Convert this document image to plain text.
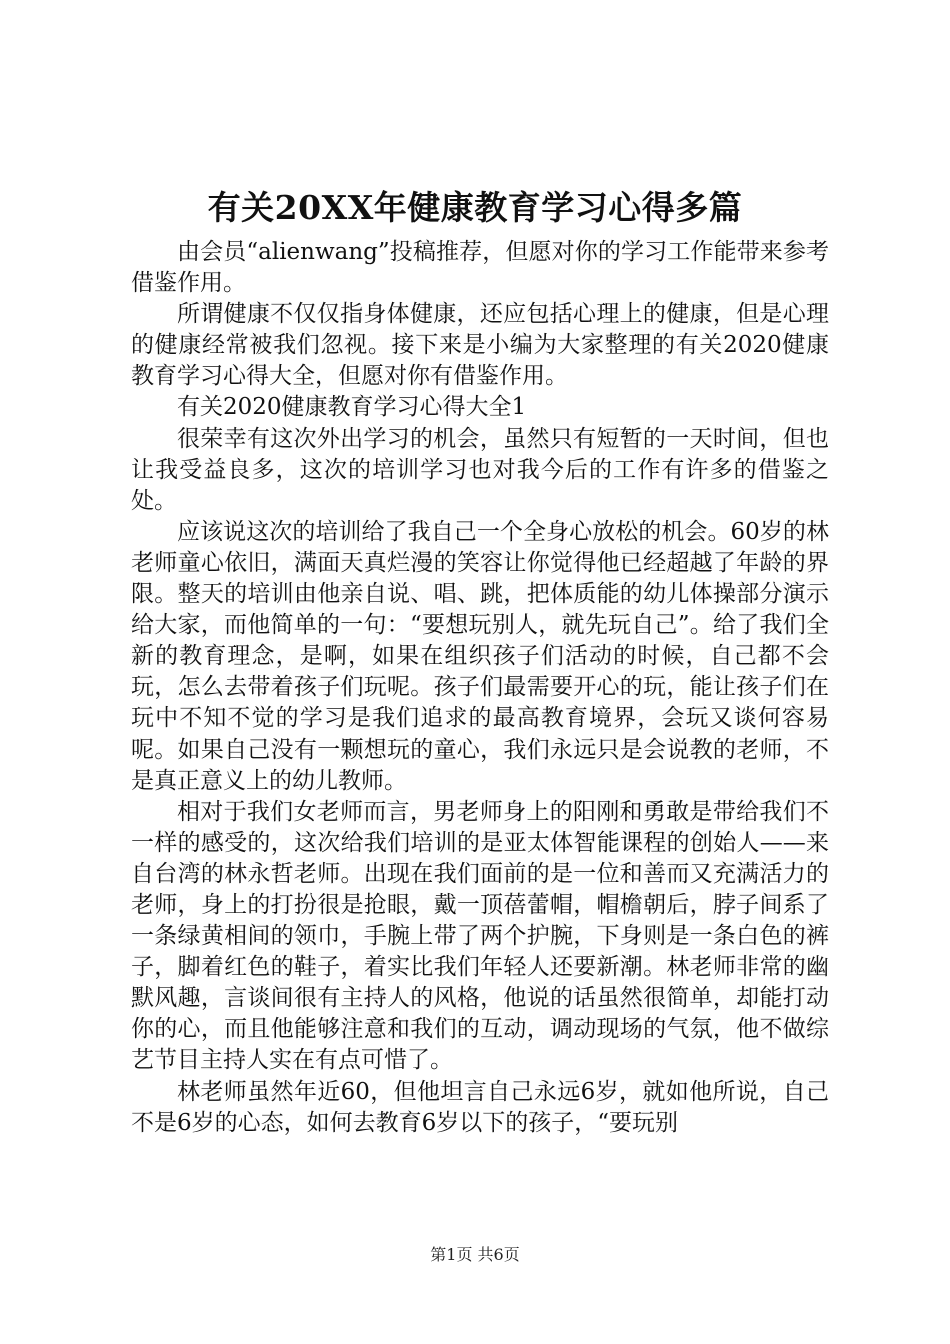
有关20XX年健康教育学习心得多篇

由会员“alienwang”投稿推荐，但愿对你的学习工作能带来参考借鉴作用。

所谓健康不仅仅指身体健康，还应包括心理上的健康，但是心理的健康经常被我们忽视。接下来是小编为大家整理的有关2020健康教育学习心得大全，但愿对你有借鉴作用。

有关2020健康教育学习心得大全1

很荣幸有这次外出学习的机会，虽然只有短暂的一天时间，但也让我受益良多，这次的培训学习也对我今后的工作有许多的借鉴之处。

应该说这次的培训给了我自己一个全身心放松的机会。60岁的林老师童心依旧，满面天真烂漫的笑容让你觉得他已经超越了年龄的界限。整天的培训由他亲自说、唱、跳，把体质能的幼儿体操部分演示给大家，而他简单的一句：“要想玩别人，就先玩自己”。给了我们全新的教育理念，是啊，如果在组织孩子们活动的时候，自己都不会玩，怎么去带着孩子们玩呢。孩子们最需要开心的玩，能让孩子们在玩中不知不觉的学习是我们追求的最高教育境界，会玩又谈何容易呢。如果自己没有一颗想玩的童心，我们永远只是会说教的老师，不是真正意义上的幼儿教师。

相对于我们女老师而言，男老师身上的阳刚和勇敢是带给我们不一样的感受的，这次给我们培训的是亚太体智能课程的创始人——来自台湾的林永哲老师。出现在我们面前的是一位和善而又充满活力的老师，身上的打扮很是抢眼，戴一顶蓓蕾帽，帽檐朝后，脖子间系了一条绿黄相间的领巾，手腕上带了两个护腕，下身则是一条白色的裤子，脚着红色的鞋子，着实比我们年轻人还要新潮。林老师非常的幽默风趣，言谈间很有主持人的风格，他说的话虽然很简单，却能打动你的心，而且他能够注意和我们的互动，调动现场的气氛，他不做综艺节目主持人实在有点可惜了。

林老师虽然年近60，但他坦言自己永远6岁，就如他所说，自己不是6岁的心态，如何去教育6岁以下的孩子，“要玩别

第1页 共6页
